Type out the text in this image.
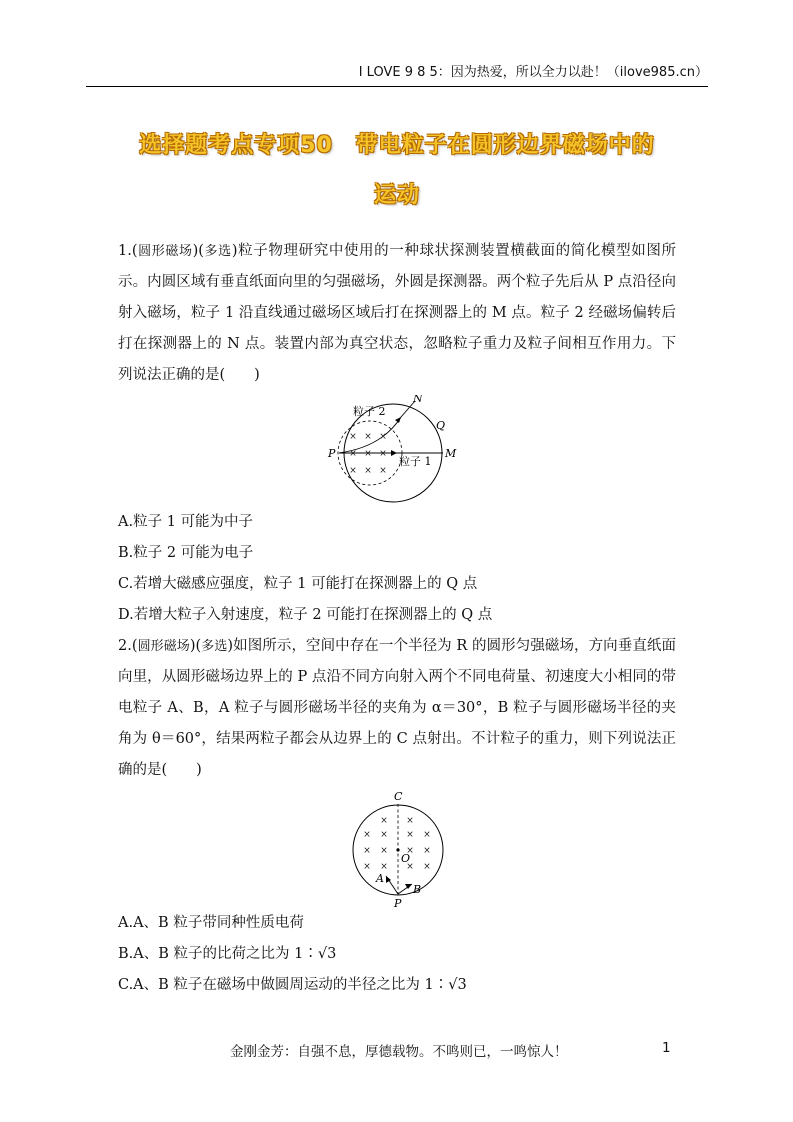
I LOVE 9 8 5：因为热爱，所以全力以赴！（ilove985.cn）
选择题考点专项50　带电粒子在圆形边界磁场中的
运动

1.(圆形磁场)(多选)粒子物理研究中使用的一种球状探测装置横截面的简化模型如图所示。内圆区域有垂直纸面向里的匀强磁场，外圆是探测器。两个粒子先后从 P 点沿径向射入磁场，粒子 1 沿直线通过磁场区域后打在探测器上的 M 点。粒子 2 经磁场偏转后打在探测器上的 N 点。装置内部为真空状态，忽略粒子重力及粒子间相互作用力。下列说法正确的是(　　)

× × ×
× × ×
× × ×
粒子 2
粒子 1
N
Q
P	M

A.粒子 1 可能为中子

B.粒子 2 可能为电子

C.若增大磁感应强度，粒子 1 可能打在探测器上的 Q 点

D.若增大粒子入射速度，粒子 2 可能打在探测器上的 Q 点

2.(圆形磁场)(多选)如图所示，空间中存在一个半径为 R 的圆形匀强磁场，方向垂直纸面向里，从圆形磁场边界上的 P 点沿不同方向射入两个不同电荷量、初速度大小相同的带电粒子 A、B，A 粒子与圆形磁场半径的夹角为 α＝30°，B 粒子与圆形磁场半径的夹角为 θ＝60°，结果两粒子都会从边界上的 C 点射出。不计粒子的重力，则下列说法正确的是(　　)

× ×
× × × ×
× × × ×
× × × ×
C
O
A
B
P

A.A、B 粒子带同种性质电荷

B.A、B 粒子的比荷之比为 1∶√3

C.A、B 粒子在磁场中做圆周运动的半径之比为 1∶√3

金刚金芳：自强不息，厚德载物。不鸣则已，一鸣惊人！	1
